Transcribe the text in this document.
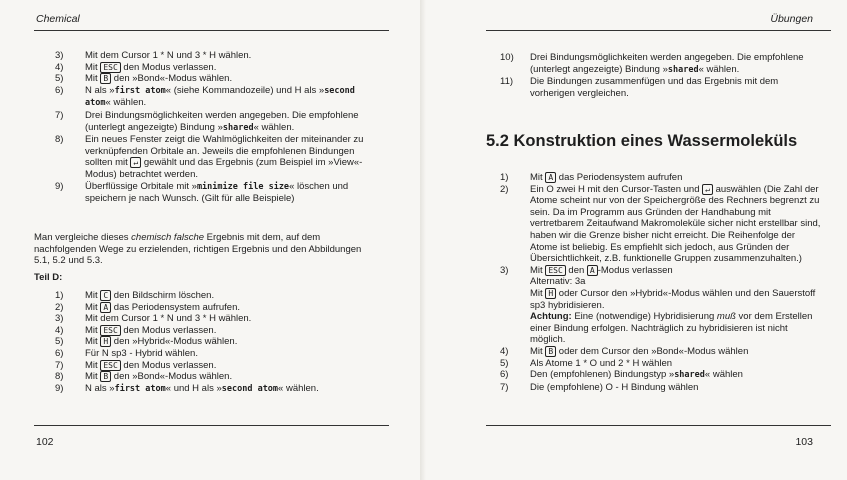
Chemical
3) Mit dem Cursor 1 * N und 3 * H wählen.
4) Mit ESC den Modus verlassen.
5) Mit B den »Bond«-Modus wählen.
6) N als »first atom« (siehe Kommandozeile) und H als »second atom« wählen.
7) Drei Bindungsmöglichkeiten werden angegeben. Die empfohlene (unterlegt angezeigte) Bindung »shared« wählen.
8) Ein neues Fenster zeigt die Wahlmöglichkeiten der miteinander zu verknüpfenden Orbitale an. Jeweils die empfohlenen Bindungen sollten mit ↵ gewählt und das Ergebnis (zum Beispiel im »View«-Modus) betrachtet werden.
9) Überflüssige Orbitale mit »minimize file size« löschen und speichern je nach Wunsch. (Gilt für alle Beispiele)
Man vergleiche dieses chemisch falsche Ergebnis mit dem, auf dem nachfolgenden Wege zu erzielenden, richtigen Ergebnis und den Abbildungen 5.1, 5.2 und 5.3.
Teil D:
1) Mit C den Bildschirm löschen.
2) Mit A das Periodensystem aufrufen.
3) Mit dem Cursor 1 * N und 3 * H wählen.
4) Mit ESC den Modus verlassen.
5) Mit H den »Hybrid«-Modus wählen.
6) Für N sp3 - Hybrid wählen.
7) Mit ESC den Modus verlassen.
8) Mit B den »Bond«-Modus wählen.
9) N als »first atom« und H als »second atom« wählen.
102
Übungen
10) Drei Bindungsmöglichkeiten werden angegeben. Die empfohlene (unterlegt angezeigte) Bindung »shared« wählen.
11) Die Bindungen zusammenfügen und das Ergebnis mit dem vorherigen vergleichen.
5.2 Konstruktion eines Wassermoleküls
1) Mit A das Periodensystem aufrufen
2) Ein O zwei H mit den Cursor-Tasten und ↵ auswählen (Die Zahl der Atome scheint nur von der Speichergröße des Rechners begrenzt zu sein. Da im Programm aus Gründen der Handhabung mit vertretbarem Zeitaufwand Makromoleküle sicher nicht erstellbar sind, haben wir die Grenze bisher nicht erreicht. Die Reihenfolge der Atome ist beliebig. Es empfiehlt sich jedoch, aus Gründen der Übersichtlichkeit, z.B. funktionelle Gruppen zusammenzuhalten.)
3) Mit ESC den A -Modus verlassen
Alternativ: 3a
Mit H oder Cursor den »Hybrid«-Modus wählen und den Sauerstoff sp3 hybridisieren.
Achtung: Eine (notwendige) Hybridisierung muß vor dem Erstellen einer Bindung erfolgen. Nachträglich zu hybridisieren ist nicht möglich.
4) Mit B oder dem Cursor den »Bond«-Modus wählen
5) Als Atome 1 * O und 2 * H wählen
6) Den (empfohlenen) Bindungstyp »shared« wählen
7) Die (empfohlene) O - H Bindung wählen
103
